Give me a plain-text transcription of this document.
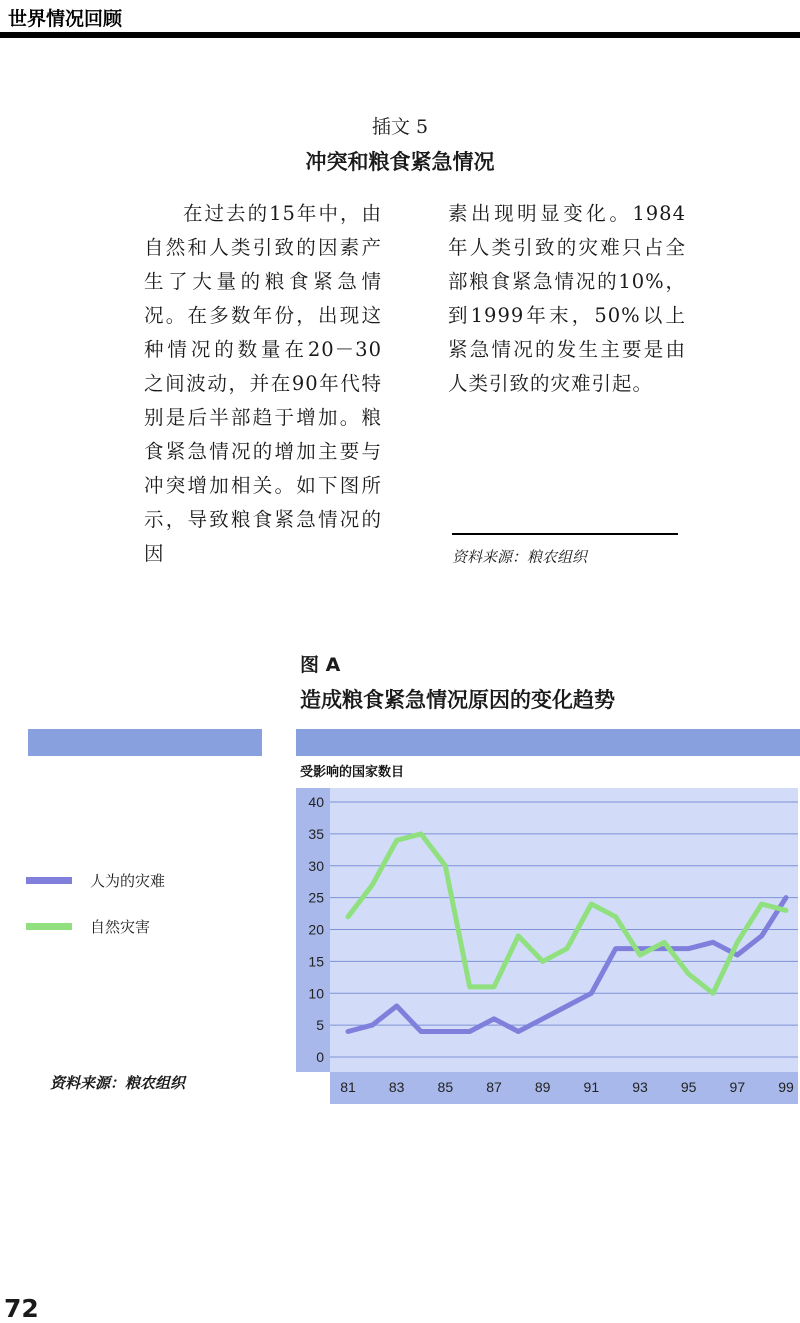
世界情况回顾
插文 5
冲突和粮食紧急情况

在过去的15年中，由自然和人类引致的因素产生了大量的粮食紧急情况。在多数年份，出现这种情况的数量在20－30之间波动，并在90年代特别是后半部趋于增加。粮食紧急情况的增加主要与冲突增加相关。如下图所示，导致粮食紧急情况的因

素出现明显变化。1984年人类引致的灾难只占全部粮食紧急情况的10%，到1999年末，50%以上紧急情况的发生主要是由人类引致的灾难引起。

资料来源：粮农组织
图 A
造成粮食紧急情况原因的变化趋势
人为的灾难
自然灾害
资料来源：粮农组织
受影响的国家数目
0
5
10
15
20
25
30
35
40
81 83 85 87 89 91 93 95 97 99
72
